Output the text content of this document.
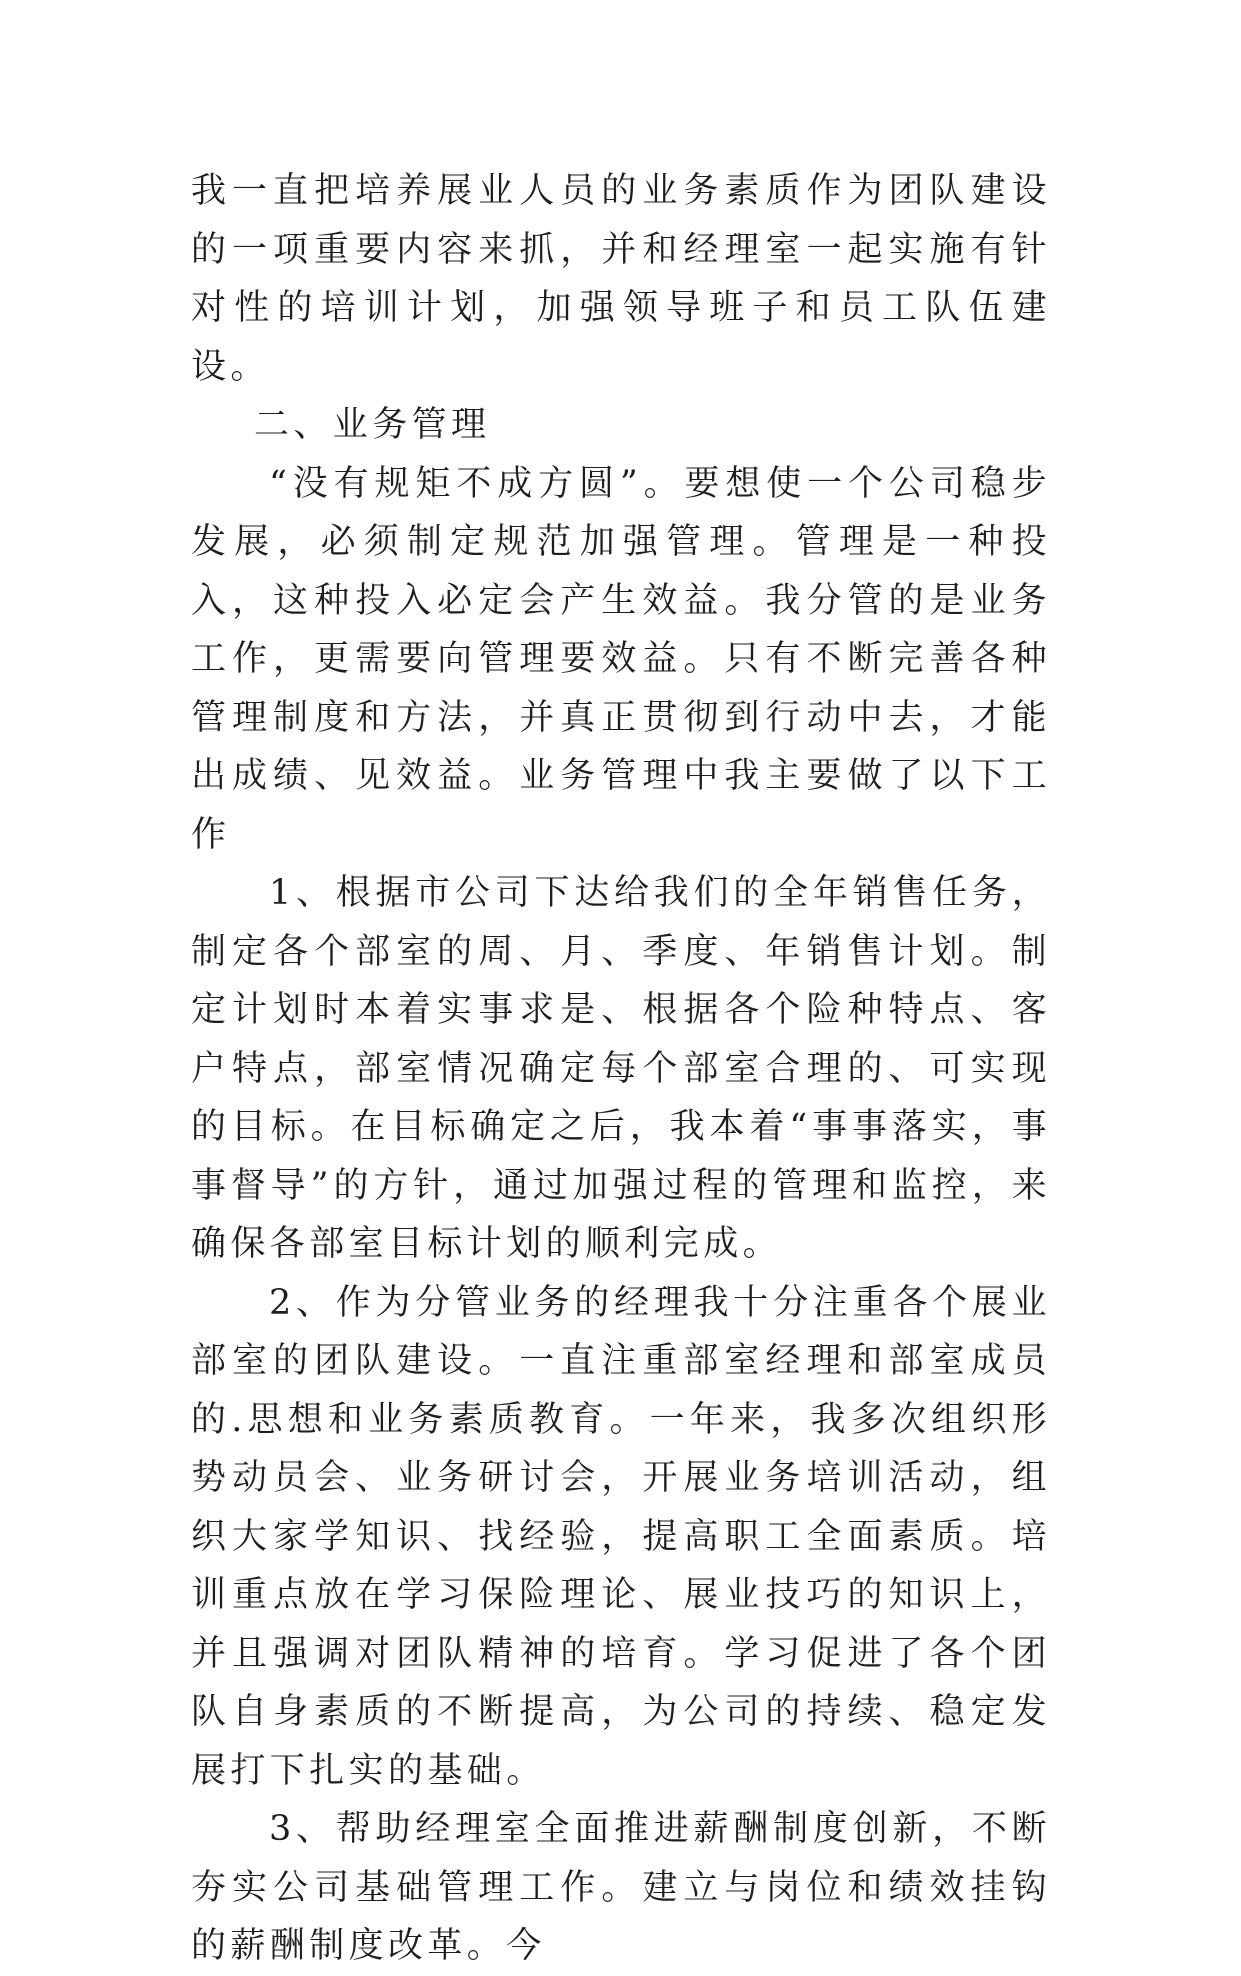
我一直把培养展业人员的业务素质作为团队建设的一项重要内容来抓，并和经理室一起实施有针对性的培训计划，加强领导班子和员工队伍建设。

二、业务管理

“没有规矩不成方圆”。要想使一个公司稳步发展，必须制定规范加强管理。管理是一种投入，这种投入必定会产生效益。我分管的是业务工作，更需要向管理要效益。只有不断完善各种管理制度和方法，并真正贯彻到行动中去，才能出成绩、见效益。业务管理中我主要做了以下工作

1、根据市公司下达给我们的全年销售任务，制定各个部室的周、月、季度、年销售计划。制定计划时本着实事求是、根据各个险种特点、客户特点，部室情况确定每个部室合理的、可实现的目标。在目标确定之后，我本着“事事落实，事事督导”的方针，通过加强过程的管理和监控，来确保各部室目标计划的顺利完成。

2、作为分管业务的经理我十分注重各个展业部室的团队建设。一直注重部室经理和部室成员的.思想和业务素质教育。一年来，我多次组织形势动员会、业务研讨会，开展业务培训活动，组织大家学知识、找经验，提高职工全面素质。培训重点放在学习保险理论、展业技巧的知识上，并且强调对团队精神的培育。学习促进了各个团队自身素质的不断提高，为公司的持续、稳定发展打下扎实的基础。

3、帮助经理室全面推进薪酬制度创新，不断夯实公司基础管理工作。建立与岗位和绩效挂钩的薪酬制度改革。今
